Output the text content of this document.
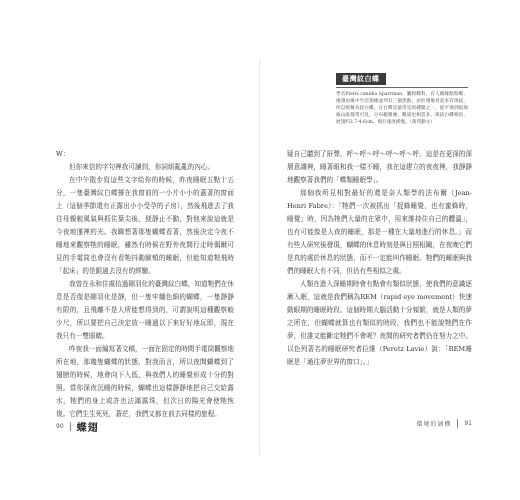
臺灣紋白蝶
學名Pieris canidia Sparrman，屬粉蝶科，有人稱緣點粉蝶，後翅由後中至亞翅緣並列有三個黑點，由於翅後看起來有斑紋，所以被稱為紋白蝶。在台灣是最常見的種類之一，從平地到低海拔山區都常可見，分布範圍廣，數量也相當多。與紋白蝶相似，展翅約3.7-4.6cm，飛行速度緩慢。（黃邦勳文）

W：

但你來信的字句裡我可讀到，你詞組亂亂的內心。

在中午散步寫這些文字給你的時候，昨夜睡眠五點十五分，一隻臺灣紋白蝶撐在我窗前的一小片小小的蓋著的窗面上（這個季節還有正露出小小受孕的子房），然後飛進去了我往母親較風氣與抓住葉尖後，便靜止不動，對他來說這就是今夜地運裡的光。我聯想著那隻蝴蝶看著，然後決定今夜不睡地來觀察牠的睡眠，雖然有時候在野外夜間行走時偶爾可見的手電筒也會沒有看牠抖動臉頰的睡眠，但能知道牠飛時「起床」的是跟過去沒有的經驗。

我曾在永和住處抬過剛羽化的臺灣紋白蝶，知道牠們在休息是否像是剛羽化是靜，但一隻牢纏色細的蝴蝶，一隻靜靜有限的，且飛離不是人所能想得到的，可謂說明這種觀察較少尺，所以要把自己決定放一睡過以下來好好地玩即，現在我只有一雙眼睛。

咋夜我一面編寫著文稿，一面在固定的時間手電筒觀察地所在地，那幾隻蝴蝶的狀態，對我而言，所以夜間蝴蝶到了翅膀的時候，地會向下入低，與我們人的睡覺形成十分的對照。當你深夜沉睡的時候，蝴蝶也這樣靜靜地把自己交給露水，牠們的身上或許也沾滿露珠，但次日的陽光會使牠恢復。它們生生死死，蒼茫，我們又都在前去同樣的旅程。

疑自己聽到了鼾聲，呼～呼～呼～呼～呼～呼。這是在更深的深層意識裡，睡著眼和我一樣不睡，我在這建立的夜夜裡，我靜靜地觀察著我們的「蝶類睡眠學」。

那個我所見相對最好的還是奈人類學的法布爾（Jean-Henri Fabre）：「牠們一次被抓出「捉蜂睡覺，也有蜜蜂時，睡覺」時，因為牠們大量的在眾中，用來維持住自己的體溫」，也有可能像是人夜的睡眠，那是一種在大量地進行的休息。」而有些人研究後發現，蝴蝶的休息時刻是與日照相關，在夜晚它們是真的處於休息的狀態，而不一定能叫作睡眠。牠們的睡眠與我們的睡眠大有不同，但仍有些相似之處。

人類在進入深睡期時會有點會有類似狀態，使我們的意識逐漸入眠，這就是我們稱為REM（rapid eye movement）快速動眼期的睡眠時段。這個時期大腦活動十分頻繁，就是人類的夢之所在，但蝴蝶就算也有類似的時段，我們也不能說牠們在作夢，但誰又能斷定牠們不會呢？夜間的研究者們仍在努力之中。以色列著名的睡眠研究者拉維（Peretz Lavie）說：「REM睡眠是「通往夢世界的窗口」。」

90 蝶翅	環境的涵構 91
